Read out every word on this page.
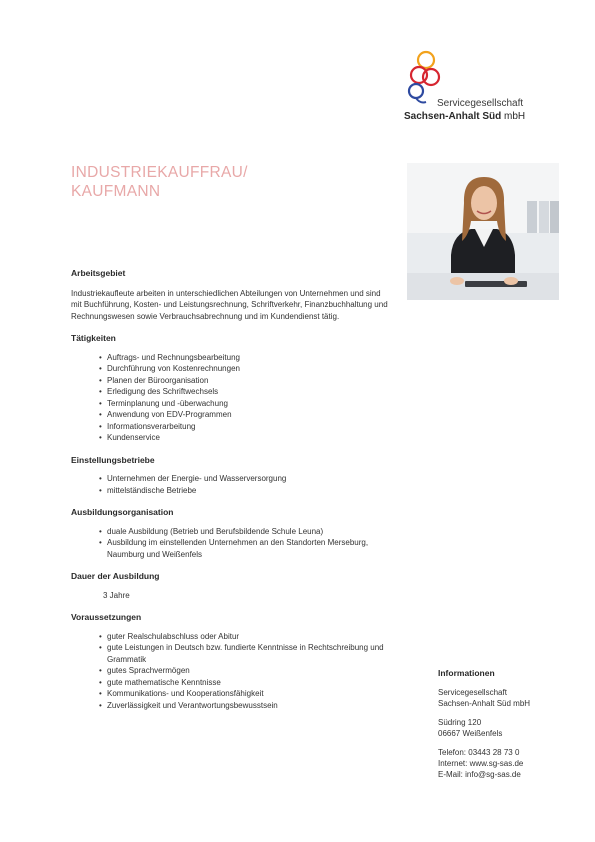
Servicegesellschaft
Sachsen-Anhalt Süd mbH
INDUSTRIEKAUFFRAU/
KAUFMANN
Arbeitsgebiet
Industriekaufleute arbeiten in unterschiedlichen Abteilungen von Unternehmen und sind mit Buchführung, Kosten- und Leistungsrechnung, Schriftverkehr, Finanzbuchhaltung und Rechnungswesen sowie Verbrauchsabrechnung und im Kundendienst tätig.
Tätigkeiten
• Auftrags- und Rechnungsbearbeitung
• Durchführung von Kostenrechnungen
• Planen der Büroorganisation
• Erledigung des Schriftwechsels
• Terminplanung und -überwachung
• Anwendung von EDV-Programmen
• Informationsverarbeitung
• Kundenservice
Einstellungsbetriebe
• Unternehmen der Energie- und Wasserversorgung
• mittelständische Betriebe
Ausbildungsorganisation
• duale Ausbildung (Betrieb und Berufsbildende Schule Leuna)
• Ausbildung im einstellenden Unternehmen an den Standorten Merseburg, Naumburg und Weißenfels
Dauer der Ausbildung
3 Jahre
Voraussetzungen
• guter Realschulabschluss oder Abitur
• gute Leistungen in Deutsch bzw. fundierte Kenntnisse in Rechtschreibung und Grammatik
• gutes Sprachvermögen
• gute mathematische Kenntnisse
• Kommunikations- und Kooperationsfähigkeit
• Zuverlässigkeit und Verantwortungsbewusstsein
Informationen
Servicegesellschaft
Sachsen-Anhalt Süd mbH
Südring 120
06667 Weißenfels
Telefon: 03443 28 73 0
Internet: www.sg-sas.de
E-Mail: info@sg-sas.de
